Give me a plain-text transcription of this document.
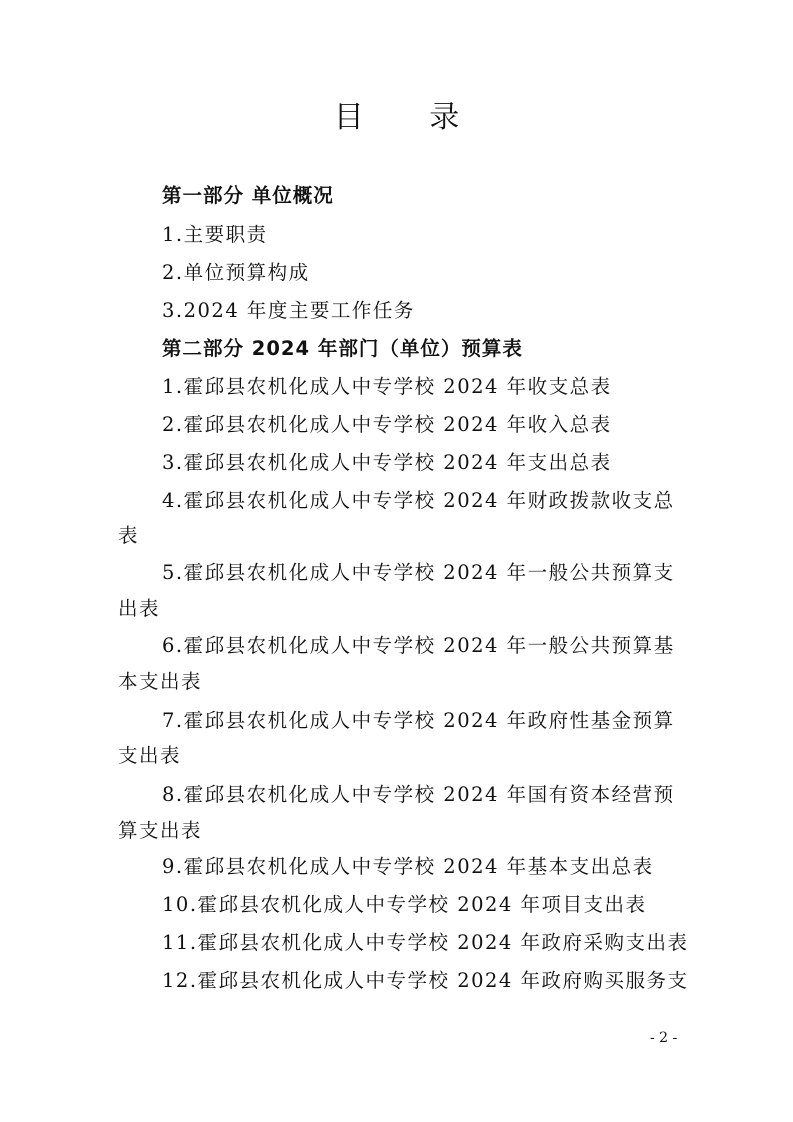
目 录
第一部分 单位概况
1.主要职责
2.单位预算构成
3.2024 年度主要工作任务
第二部分 2024 年部门（单位）预算表
1.霍邱县农机化成人中专学校 2024 年收支总表
2.霍邱县农机化成人中专学校 2024 年收入总表
3.霍邱县农机化成人中专学校 2024 年支出总表
4.霍邱县农机化成人中专学校 2024 年财政拨款收支总
表
5.霍邱县农机化成人中专学校 2024 年一般公共预算支
出表
6.霍邱县农机化成人中专学校 2024 年一般公共预算基
本支出表
7.霍邱县农机化成人中专学校 2024 年政府性基金预算
支出表
8.霍邱县农机化成人中专学校 2024 年国有资本经营预
算支出表
9.霍邱县农机化成人中专学校 2024 年基本支出总表
10.霍邱县农机化成人中专学校 2024 年项目支出表
11.霍邱县农机化成人中专学校 2024 年政府采购支出表
12.霍邱县农机化成人中专学校 2024 年政府购买服务支
- 2 -
